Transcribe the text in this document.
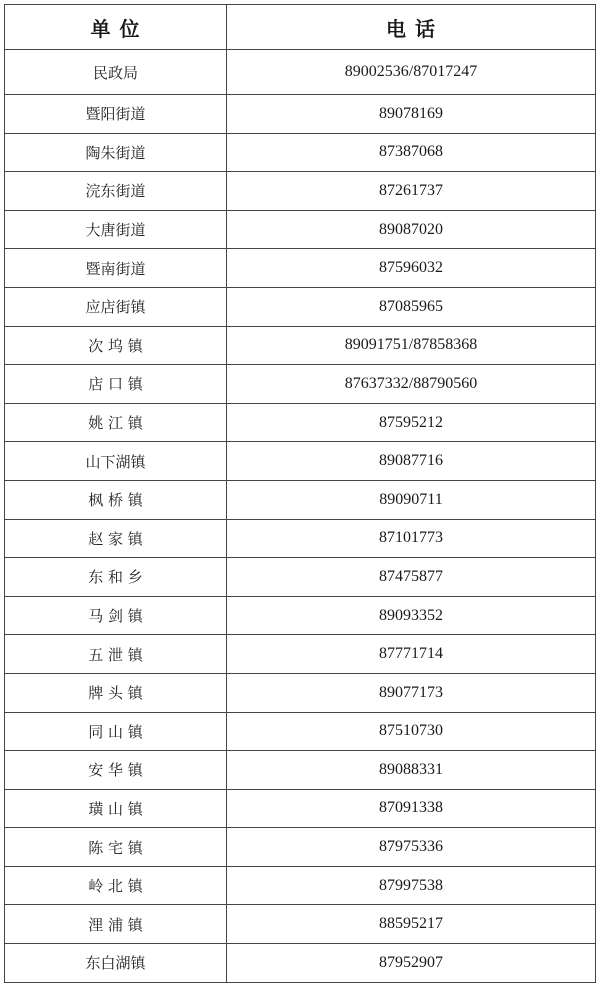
单 位	电 话
民政局	89002536/87017247
暨阳街道	89078169
陶朱街道	87387068
浣东街道	87261737
大唐街道	89087020
暨南街道	87596032
应店街镇	87085965
次 坞 镇	89091751/87858368
店 口 镇	87637332/88790560
姚 江 镇	87595212
山下湖镇	89087716
枫 桥 镇	89090711
赵 家 镇	87101773
东 和 乡	87475877
马 剑 镇	89093352
五 泄 镇	87771714
牌 头 镇	89077173
同 山 镇	87510730
安 华 镇	89088331
璜 山 镇	87091338
陈 宅 镇	87975336
岭 北 镇	87997538
浬 浦 镇	88595217
东白湖镇	87952907
